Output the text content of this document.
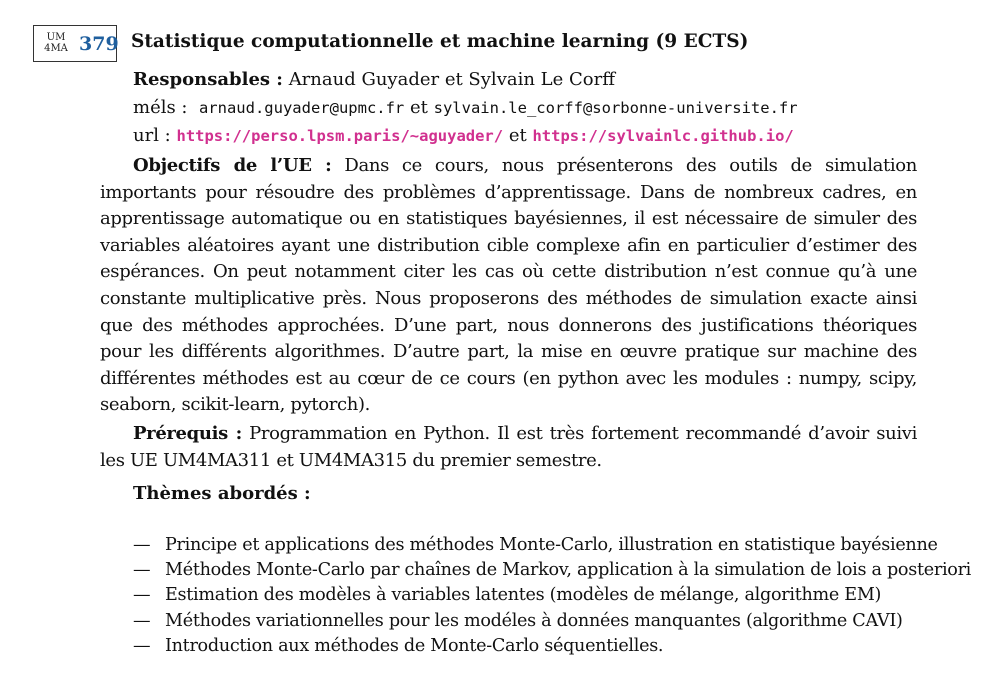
UM
4MA 379 Statistique computationnelle et machine learning (9 ECTS)
Responsables : Arnaud Guyader et Sylvain Le Corff
méls : arnaud.guyader@upmc.fr et sylvain.le_corff@sorbonne-universite.fr
url : https://perso.lpsm.paris/~aguyader/ et https://sylvainlc.github.io/

Objectifs de l’UE : Dans ce cours, nous présenterons des outils de simulation importants pour résoudre des problèmes d’apprentissage. Dans de nombreux cadres, en apprentissage automatique ou en statistiques bayésiennes, il est nécessaire de simuler des variables aléatoires ayant une distribution cible complexe afin en particulier d’estimer des espérances. On peut notamment citer les cas où cette distribution n’est connue qu’à une constante multiplicative près. Nous proposerons des méthodes de simulation exacte ainsi que des méthodes approchées. D’une part, nous donnerons des justifications théoriques pour les différents algorithmes. D’autre part, la mise en œuvre pratique sur machine des différentes méthodes est au cœur de ce cours (en python avec les modules : numpy, scipy, seaborn, scikit-learn, pytorch).

Prérequis : Programmation en Python. Il est très fortement recommandé d’avoir suivi les UE UM4MA311 et UM4MA315 du premier semestre.

Thèmes abordés :
— Principe et applications des méthodes Monte-Carlo, illustration en statistique bayésienne
— Méthodes Monte-Carlo par chaînes de Markov, application à la simulation de lois a posteriori
— Estimation des modèles à variables latentes (modèles de mélange, algorithme EM)
— Méthodes variationnelles pour les modéles à données manquantes (algorithme CAVI)
— Introduction aux méthodes de Monte-Carlo séquentielles.
